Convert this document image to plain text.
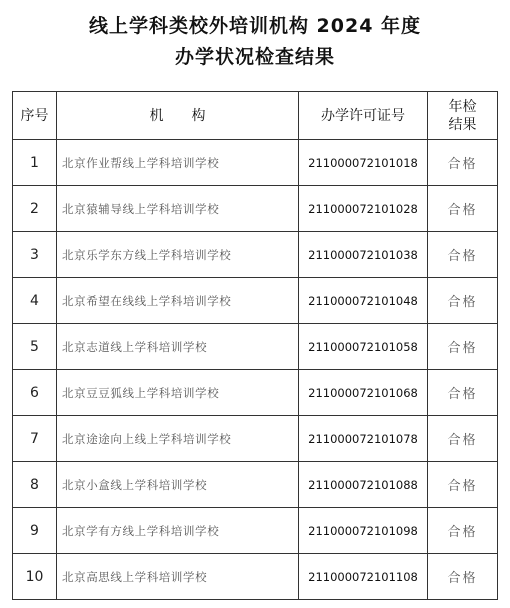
线上学科类校外培训机构 2024 年度
办学状况检查结果
序号	机　　构	办学许可证号	年检
结果

1	北京作业帮线上学科培训学校	211000072101018	合格
2	北京猿辅导线上学科培训学校	211000072101028	合格
3	北京乐学东方线上学科培训学校	211000072101038	合格
4	北京希望在线线上学科培训学校	211000072101048	合格
5	北京志道线上学科培训学校	211000072101058	合格
6	北京豆豆狐线上学科培训学校	211000072101068	合格
7	北京途途向上线上学科培训学校	211000072101078	合格
8	北京小盒线上学科培训学校	211000072101088	合格
9	北京学有方线上学科培训学校	211000072101098	合格
10	北京高思线上学科培训学校	211000072101108	合格
